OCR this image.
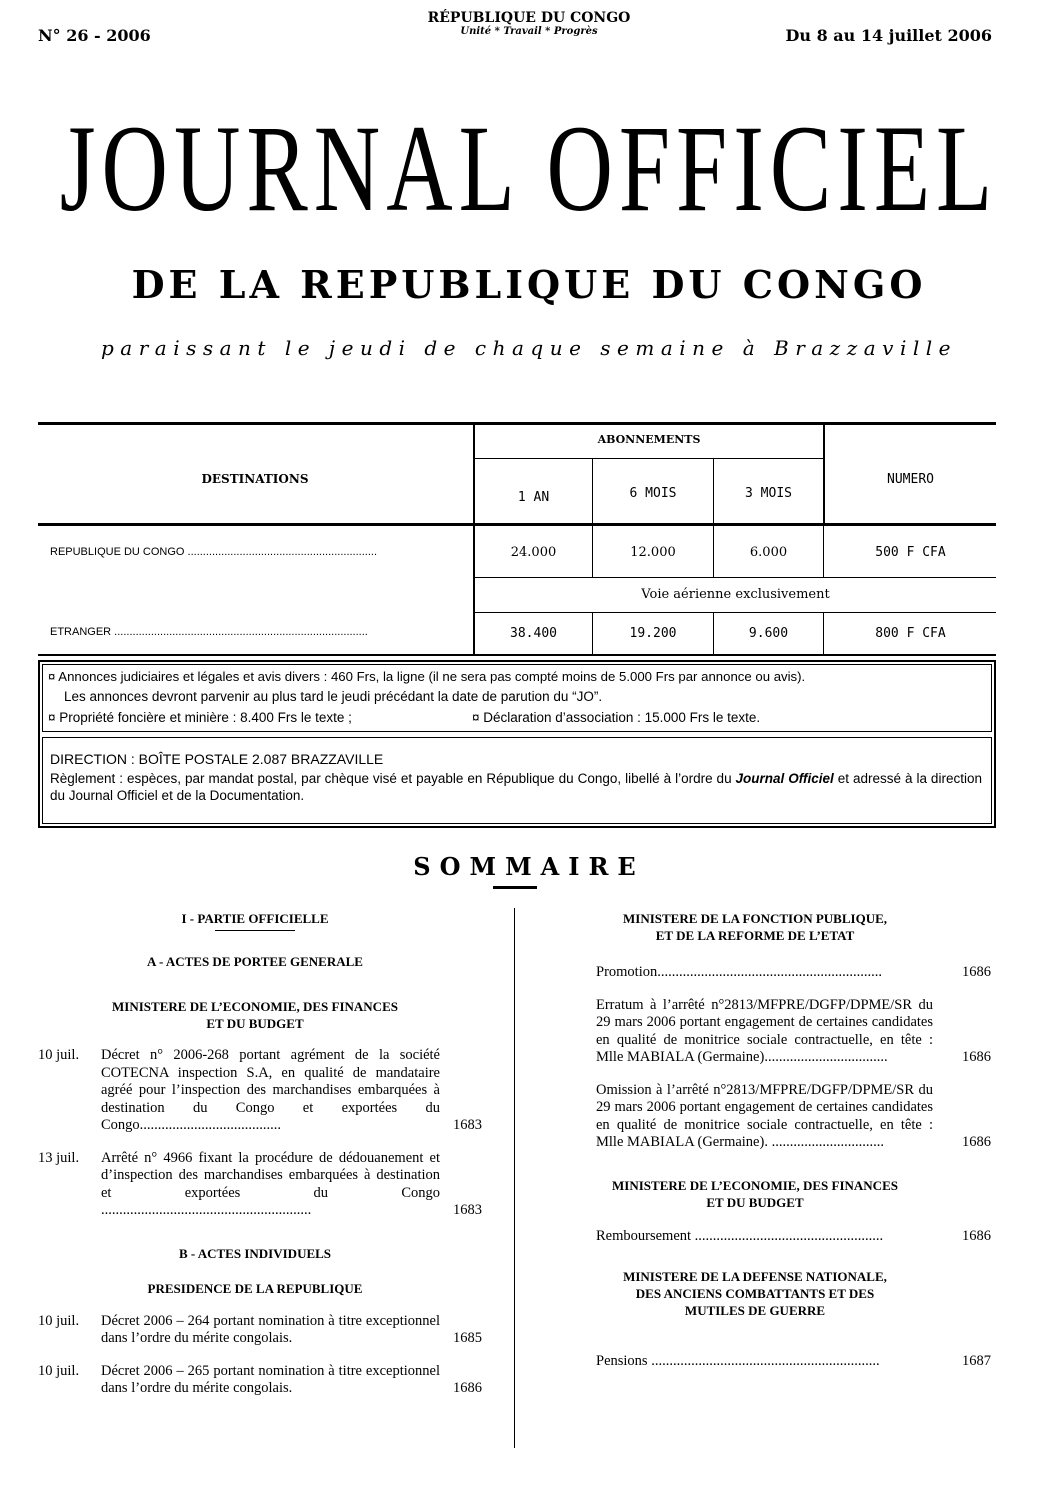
N° 26 - 2006
RÉPUBLIQUE DU CONGO
Unité * Travail * Progrès	Du 8 au 14 juillet 2006
JOURNAL OFFICIEL
DE LA REPUBLIQUE DU CONGO
paraissant le jeudi de chaque semaine à Brazzaville
DESTINATIONS
ABONNEMENTS
1 AN	6 MOIS	3 MOIS
NUMERO
REPUBLIQUE DU CONGO ..............................................................	24.000	12.000	6.000	500 F CFA
Voie aérienne exclusivement
ETRANGER ...................................................................................	38.400	19.200	9.600	800 F CFA
¤ Annonces judiciaires et légales et avis divers : 460 Frs, la ligne (il ne sera pas compté moins de 5.000 Frs par annonce ou avis).
Les annonces devront parvenir au plus tard le jeudi précédant la date de parution du “JO”.
¤ Propriété foncière et minière : 8.400 Frs le texte ;	¤ Déclaration d’association : 15.000 Frs le texte.
DIRECTION : BOÎTE POSTALE 2.087 BRAZZAVILLE
Règlement : espèces, par mandat postal, par chèque visé et payable en République du Congo, libellé à l’ordre du Journal Officiel et adressé à la direction du Journal Officiel et de la Documentation.
SOMMAIRE
I - PARTIE OFFICIELLE
A - ACTES DE PORTEE GENERALE
MINISTERE DE L’ECONOMIE, DES FINANCES
ET DU BUDGET
10 juil. Décret n° 2006-268 portant agrément de la société COTECNA inspection S.A, en qualité de mandataire agréé pour l’inspection des marchandises embarquées à destination du Congo et exportées du Congo.......................................	1683
13 juil. Arrêté n° 4966 fixant la procédure de dédouanement et d’inspection des marchandises embarquées à destination et exportées du Congo ..........................................................	1683
B - ACTES INDIVIDUELS
PRESIDENCE DE LA REPUBLIQUE
10 juil. Décret 2006 – 264 portant nomination à titre exceptionnel dans l’ordre du mérite congolais.	1685
10 juil. Décret 2006 – 265 portant nomination à titre exceptionnel dans l’ordre du mérite congolais.	1686
MINISTERE DE LA FONCTION PUBLIQUE,
ET DE LA REFORME DE L’ETAT
Promotion..............................................................	1686
Erratum à l’arrêté n°2813/MFPRE/DGFP/DPME/SR du 29 mars 2006 portant engagement de certaines candidates en qualité de monitrice sociale contractuelle, en tête : Mlle MABIALA (Germaine)..................................	1686
Omission à l’arrêté n°2813/MFPRE/DGFP/DPME/SR du 29 mars 2006 portant engagement de certaines candidates en qualité de monitrice sociale contractuelle, en tête : Mlle MABIALA (Germaine). ...............................	1686
MINISTERE DE L’ECONOMIE, DES FINANCES
ET DU BUDGET
Remboursement ....................................................	1686
MINISTERE DE LA DEFENSE NATIONALE,
DES ANCIENS COMBATTANTS ET DES
MUTILES DE GUERRE
Pensions ...............................................................	1687
